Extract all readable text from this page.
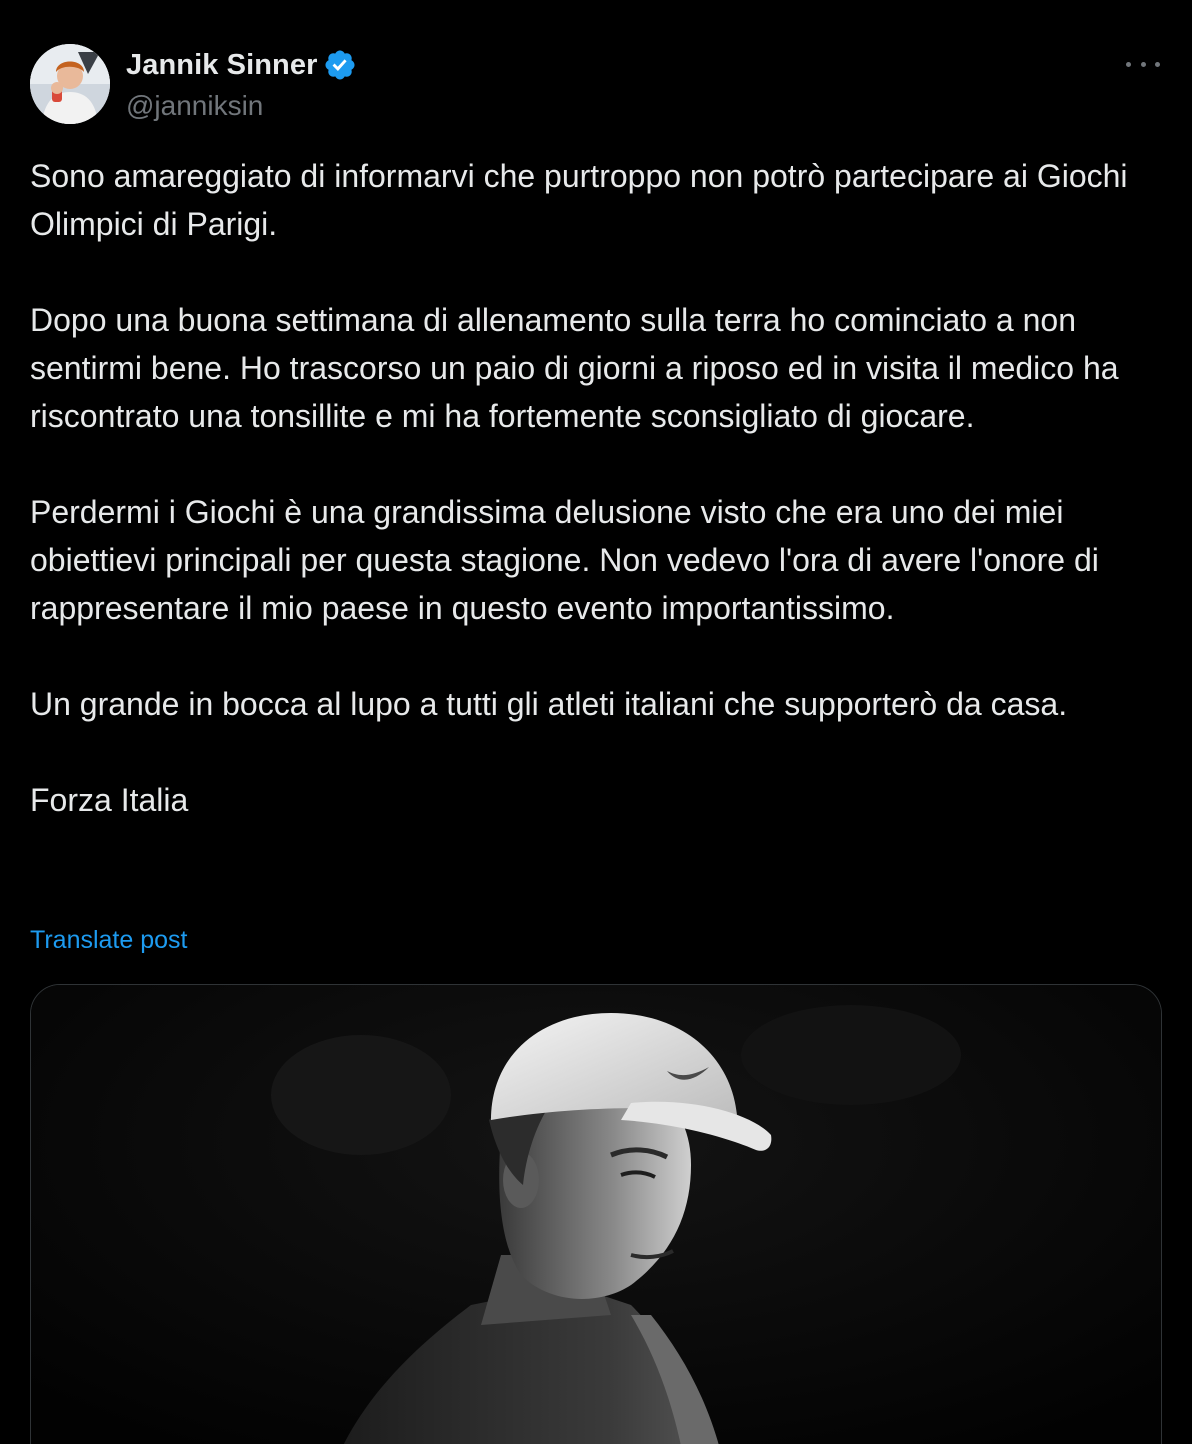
Jannik Sinner
@janniksin

Sono amareggiato di informarvi che purtroppo non potrò partecipare ai Giochi Olimpici di Parigi.

Dopo una buona settimana di allenamento sulla terra ho cominciato a non sentirmi bene. Ho trascorso un paio di giorni a riposo ed in visita il medico ha riscontrato una tonsillite e mi ha fortemente sconsigliato di giocare.

Perdermi i Giochi è una grandissima delusione visto che era uno dei miei obiettievi principali per questa stagione. Non vedevo l'ora di avere l'onore di rappresentare il mio paese in questo evento importantissimo.

Un grande in bocca al lupo a tutti gli atleti italiani che supporterò da casa.

Forza Italia

Translate post
